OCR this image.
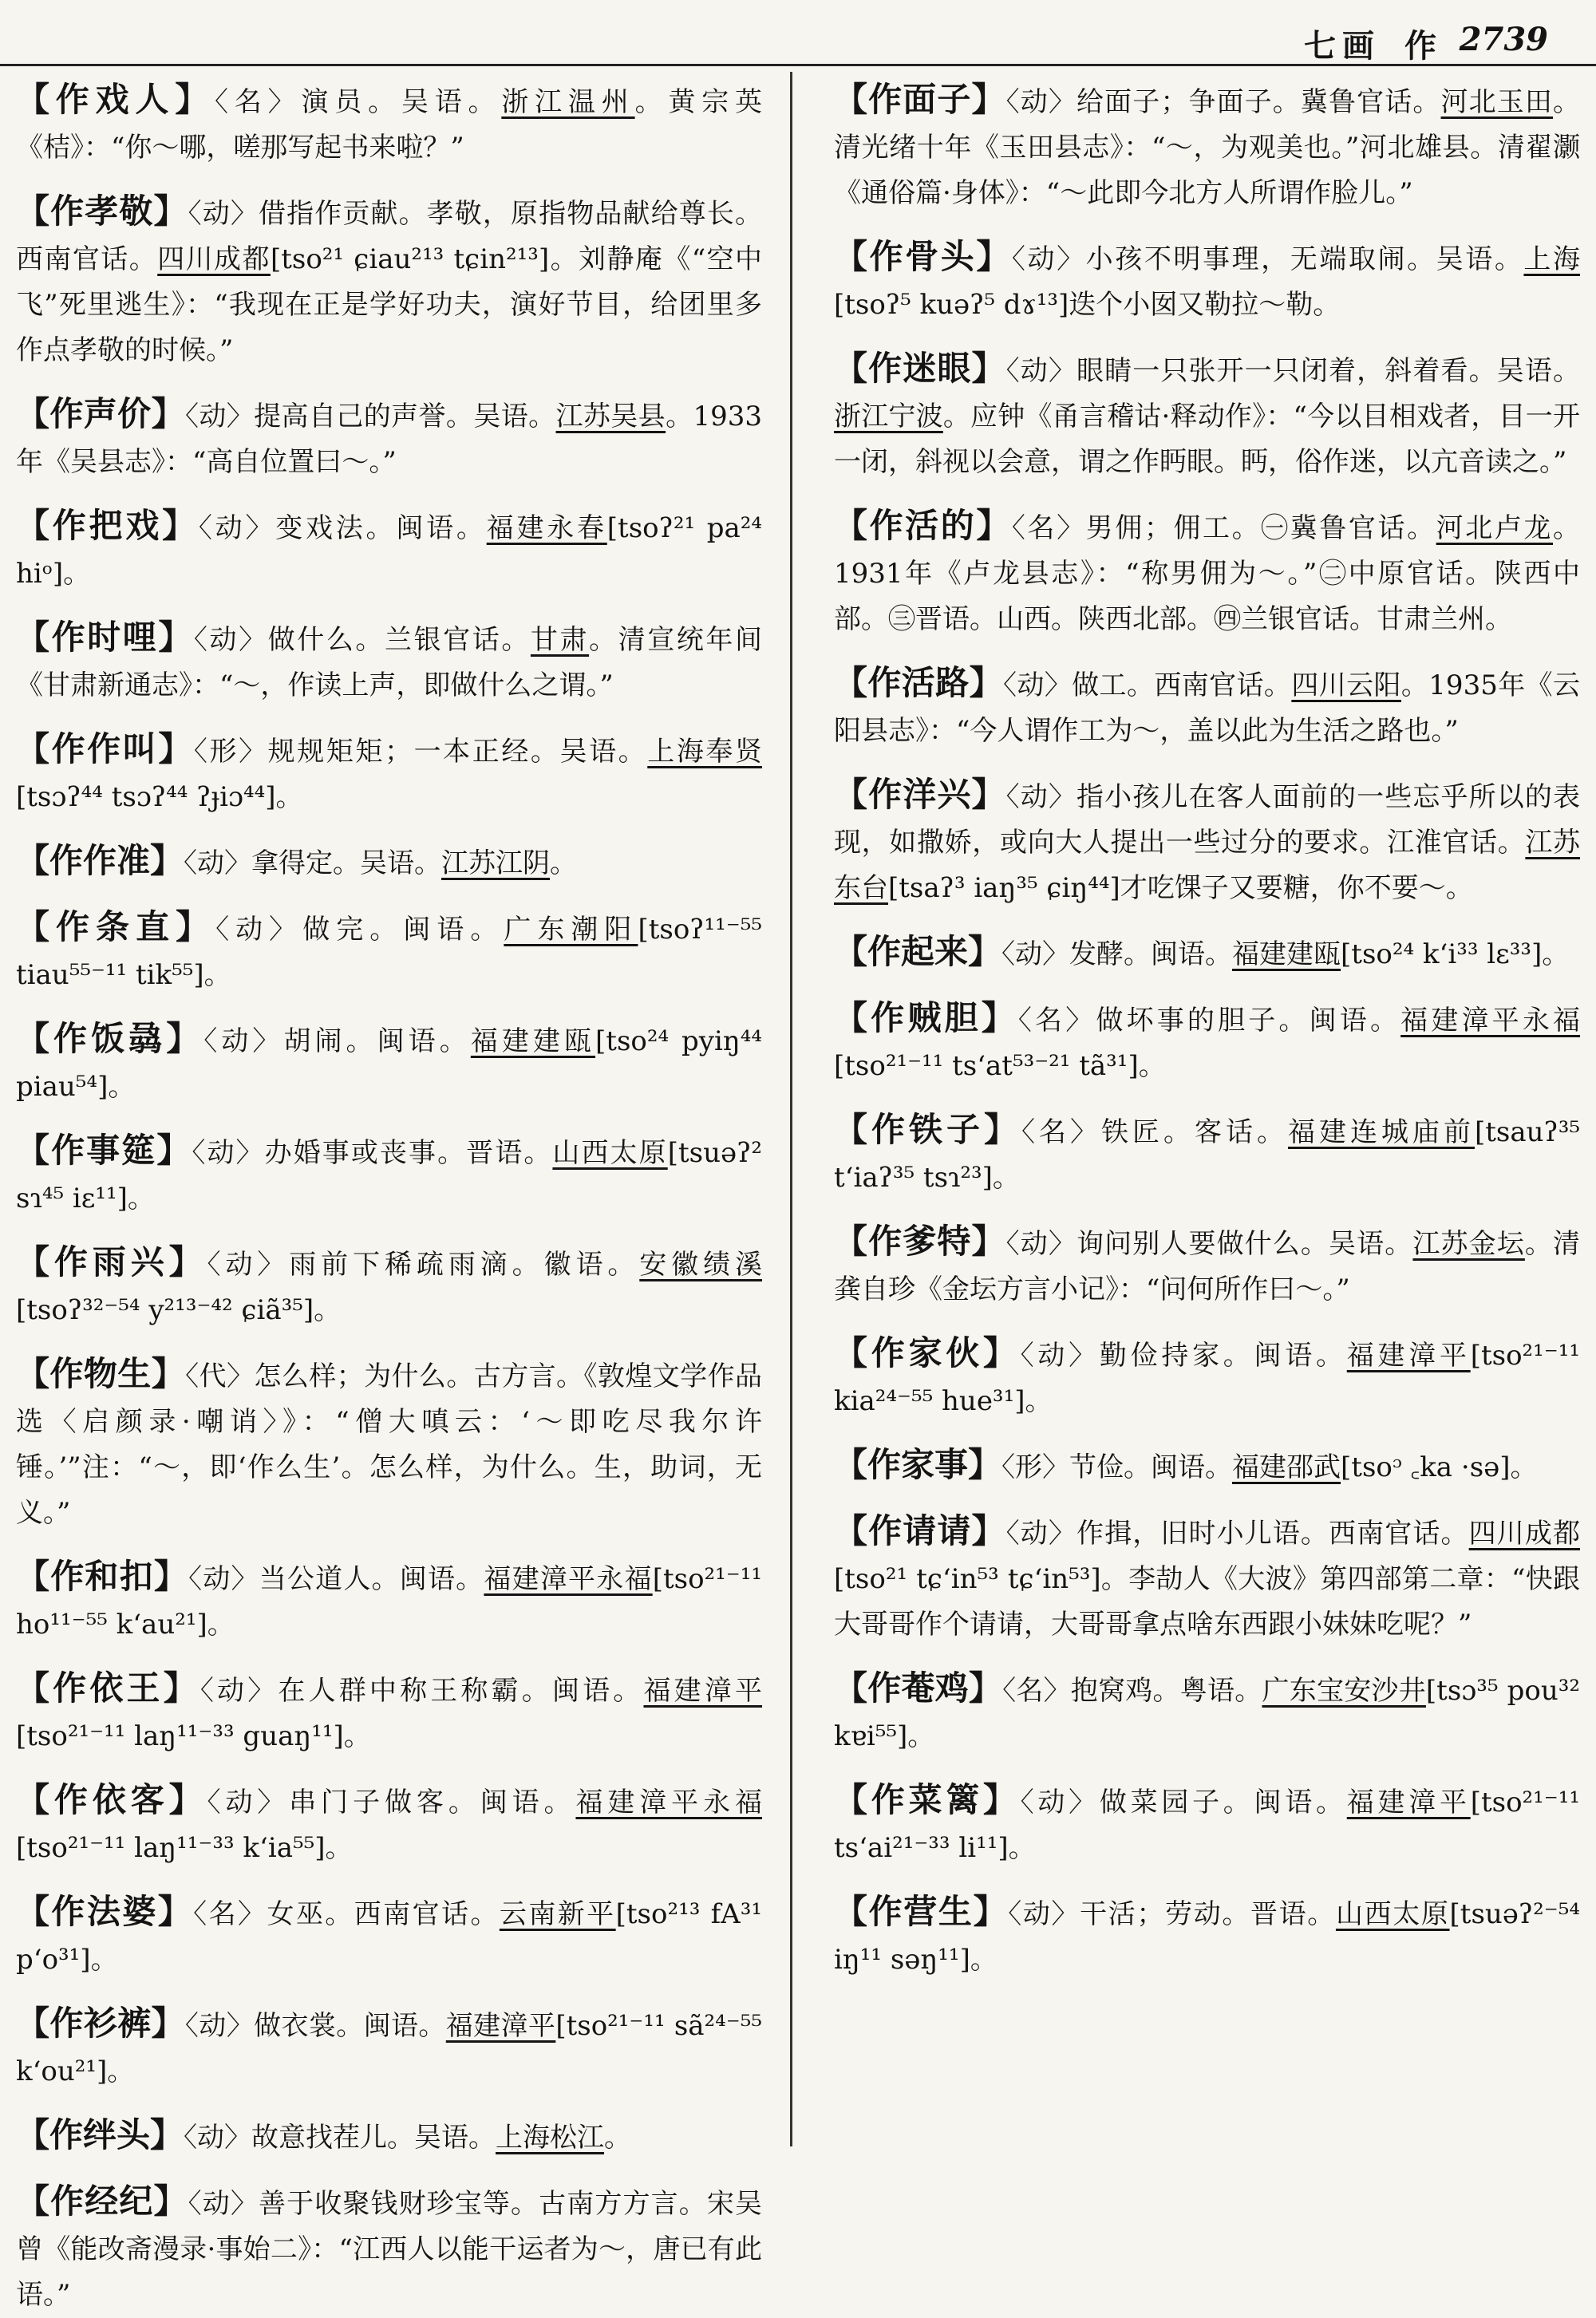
七画 作 2739

【作戏人】〈名〉演员。吴语。浙江温州。黄宗英《桔》：“你～哪，嗟那写起书来啦？”

【作孝敬】〈动〉借指作贡献。孝敬，原指物品献给尊长。西南官话。四川成都[tso²¹ ɕiau²¹³ tɕin²¹³]。刘静庵《“空中飞”死里逃生》：“我现在正是学好功夫，演好节目，给团里多作点孝敬的时候。”

【作声价】〈动〉提高自己的声誉。吴语。江苏吴县。1933年《吴县志》：“高自位置曰～。”

【作把戏】〈动〉变戏法。闽语。福建永春[tsoʔ²¹ pa²⁴ hiᵒ]。

【作时哩】〈动〉做什么。兰银官话。甘肃。清宣统年间《甘肃新通志》：“～，作读上声，即做什么之谓。”

【作作叫】〈形〉规规矩矩；一本正经。吴语。上海奉贤[tsɔʔ⁴⁴ tsɔʔ⁴⁴ ʔɟiɔ⁴⁴]。

【作作准】〈动〉拿得定。吴语。江苏江阴。

【作条直】〈动〉做完。闽语。广东潮阳[tsoʔ¹¹⁻⁵⁵ tiau⁵⁵⁻¹¹ tik⁵⁵]。

【作饭骉】〈动〉胡闹。闽语。福建建瓯[tso²⁴ pyiŋ⁴⁴ piau⁵⁴]。

【作事筵】〈动〉办婚事或丧事。晋语。山西太原[tsuəʔ² sɿ⁴⁵ iɛ¹¹]。

【作雨兴】〈动〉雨前下稀疏雨滴。徽语。安徽绩溪[tsoʔ³²⁻⁵⁴ y²¹³⁻⁴² ɕiã³⁵]。

【作物生】〈代〉怎么样；为什么。古方言。《敦煌文学作品选〈启颜录·嘲诮〉》：“僧大嗔云：‘～即吃尽我尔许锤。’”注：“～，即‘作么生’。怎么样，为什么。生，助词，无义。”

【作和扣】〈动〉当公道人。闽语。福建漳平永福[tso²¹⁻¹¹ ho¹¹⁻⁵⁵ k‘au²¹]。

【作依王】〈动〉在人群中称王称霸。闽语。福建漳平[tso²¹⁻¹¹ laŋ¹¹⁻³³ guaŋ¹¹]。

【作依客】〈动〉串门子做客。闽语。福建漳平永福[tso²¹⁻¹¹ laŋ¹¹⁻³³ k‘ia⁵⁵]。

【作法婆】〈名〉女巫。西南官话。云南新平[tso²¹³ fA³¹ p‘o³¹]。

【作衫裤】〈动〉做衣裳。闽语。福建漳平[tso²¹⁻¹¹ sã²⁴⁻⁵⁵ k‘ou²¹]。

【作绊头】〈动〉故意找茬儿。吴语。上海松江。

【作经纪】〈动〉善于收聚钱财珍宝等。古南方方言。宋吴曾《能改斋漫录·事始二》：“江西人以能干运者为～，唐已有此语。”

【作面子】〈动〉给面子；争面子。冀鲁官话。河北玉田。清光绪十年《玉田县志》：“～，为观美也。”河北雄县。清翟灏《通俗篇·身体》：“～此即今北方人所谓作脸儿。”

【作骨头】〈动〉小孩不明事理，无端取闹。吴语。上海[tsoʔ⁵ kuəʔ⁵ dɤ¹³]迭个小囡又勒拉～勒。

【作迷眼】〈动〉眼睛一只张开一只闭着，斜着看。吴语。浙江宁波。应钟《甬言稽诂·释动作》：“今以目相戏者，目一开一闭，斜视以会意，谓之作眄眼。眄，俗作迷，以亢音读之。”

【作活的】〈名〉男佣；佣工。㊀冀鲁官话。河北卢龙。1931年《卢龙县志》：“称男佣为～。”㊁中原官话。陕西中部。㊂晋语。山西。陕西北部。㊃兰银官话。甘肃兰州。

【作活路】〈动〉做工。西南官话。四川云阳。1935年《云阳县志》：“今人谓作工为～，盖以此为生活之路也。”

【作洋兴】〈动〉指小孩儿在客人面前的一些忘乎所以的表现，如撒娇，或向大人提出一些过分的要求。江淮官话。江苏东台[tsaʔ³ iaŋ³⁵ ɕiŋ⁴⁴]才吃馃子又要糖，你不要～。

【作起来】〈动〉发酵。闽语。福建建瓯[tso²⁴ k‘i³³ lɛ³³]。

【作贼胆】〈名〉做坏事的胆子。闽语。福建漳平永福[tso²¹⁻¹¹ ts‘at⁵³⁻²¹ tã³¹]。

【作铁子】〈名〉铁匠。客话。福建连城庙前[tsauʔ³⁵ t‘iaʔ³⁵ tsɿ²³]。

【作爹特】〈动〉询问别人要做什么。吴语。江苏金坛。清龚自珍《金坛方言小记》：“问何所作曰～。”

【作家伙】〈动〉勤俭持家。闽语。福建漳平[tso²¹⁻¹¹ kia²⁴⁻⁵⁵ hue³¹]。

【作家事】〈形〉节俭。闽语。福建邵武[tsoᵓ ꜀ka ·sə]。

【作请请】〈动〉作揖，旧时小儿语。西南官话。四川成都[tso²¹ tɕ‘in⁵³ tɕ‘in⁵³]。李劼人《大波》第四部第二章：“快跟大哥哥作个请请，大哥哥拿点啥东西跟小妹妹吃呢？”

【作菴鸡】〈名〉抱窝鸡。粤语。广东宝安沙井[tsɔ³⁵ pou³² kɐi⁵⁵]。

【作菜篱】〈动〉做菜园子。闽语。福建漳平[tso²¹⁻¹¹ ts‘ai²¹⁻³³ li¹¹]。

【作营生】〈动〉干活；劳动。晋语。山西太原[tsuəʔ²⁻⁵⁴ iŋ¹¹ səŋ¹¹]。
